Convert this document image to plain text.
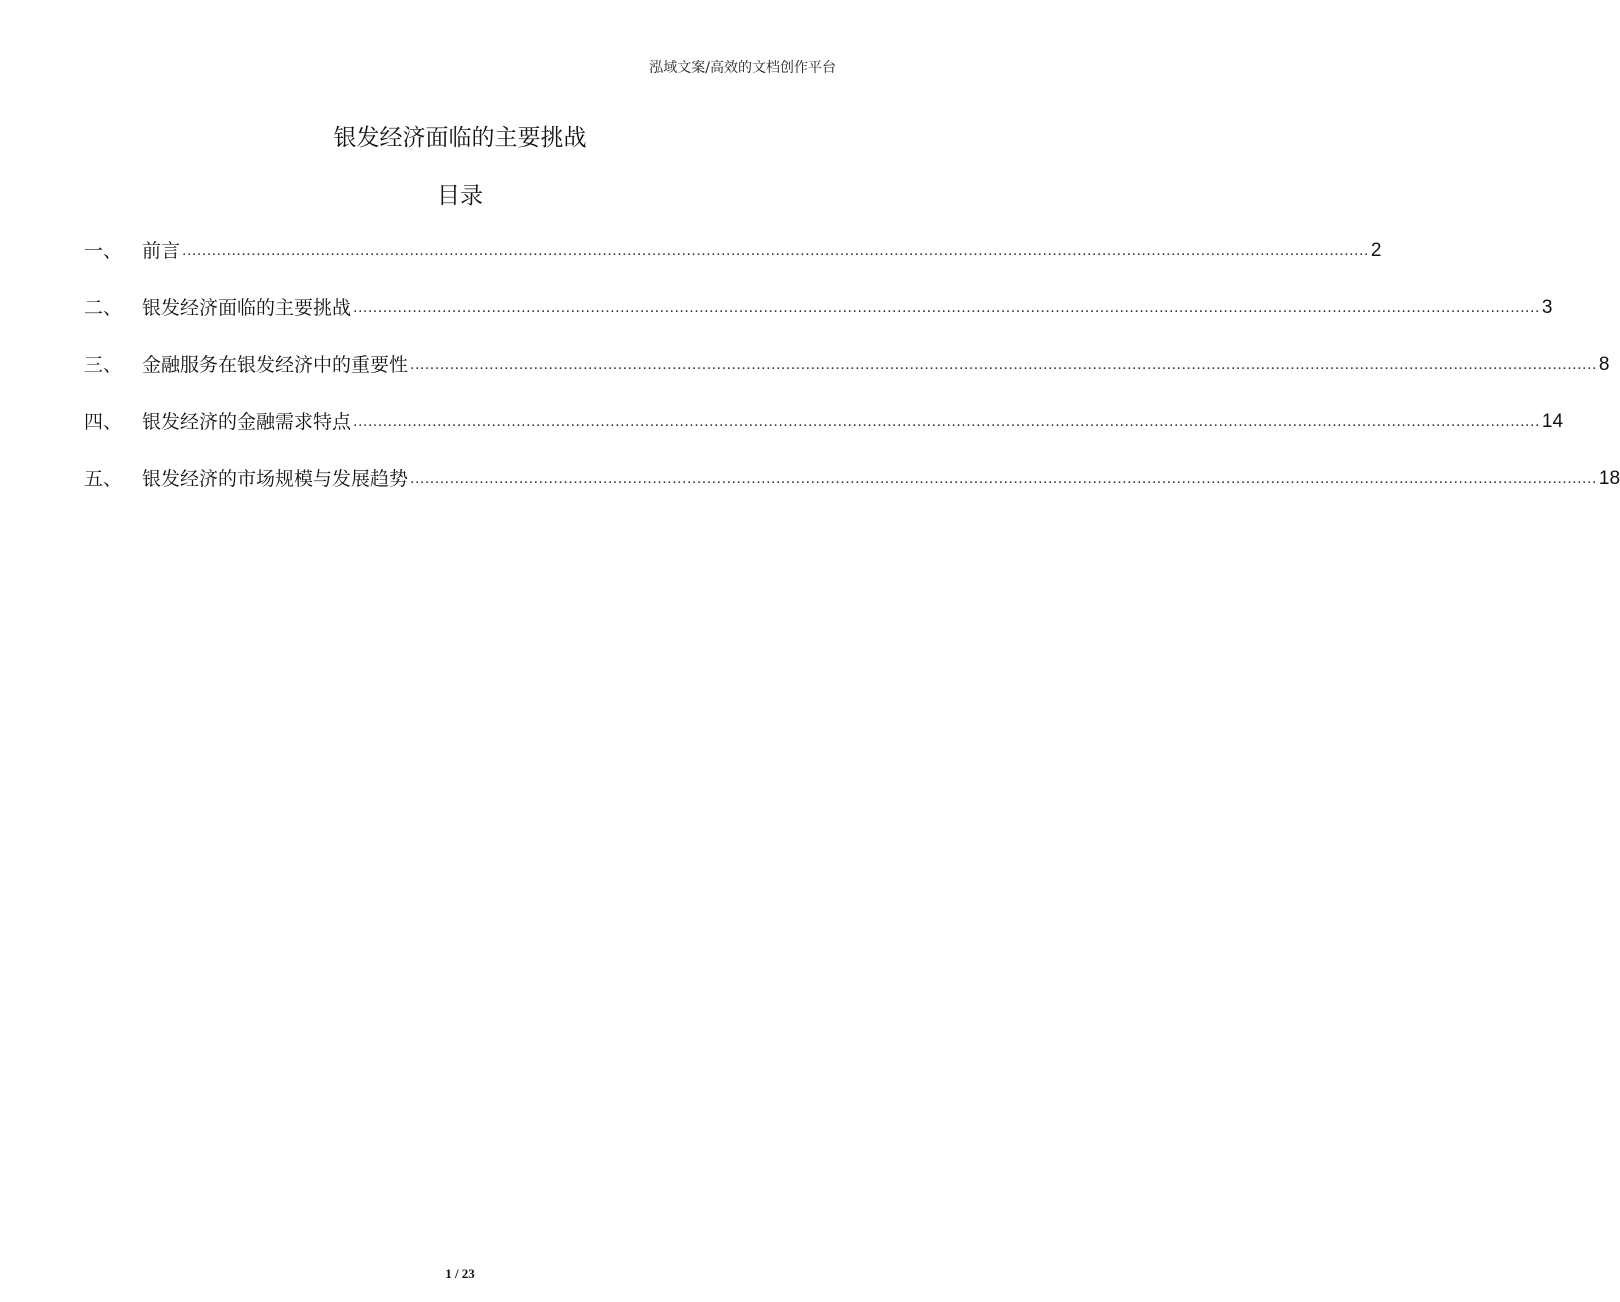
泓域文案/高效的文档创作平台
银发经济面临的主要挑战
目录
一、	前言 ................................................................................................................................................................................................................................................ 2
二、	银发经济面临的主要挑战 ................................................................................................................................................................................................................................................ 3
三、	金融服务在银发经济中的重要性 ................................................................................................................................................................................................................................................ 8
四、	银发经济的金融需求特点 ................................................................................................................................................................................................................................................ 14
五、	银发经济的市场规模与发展趋势 ................................................................................................................................................................................................................................................ 18
1 / 23
